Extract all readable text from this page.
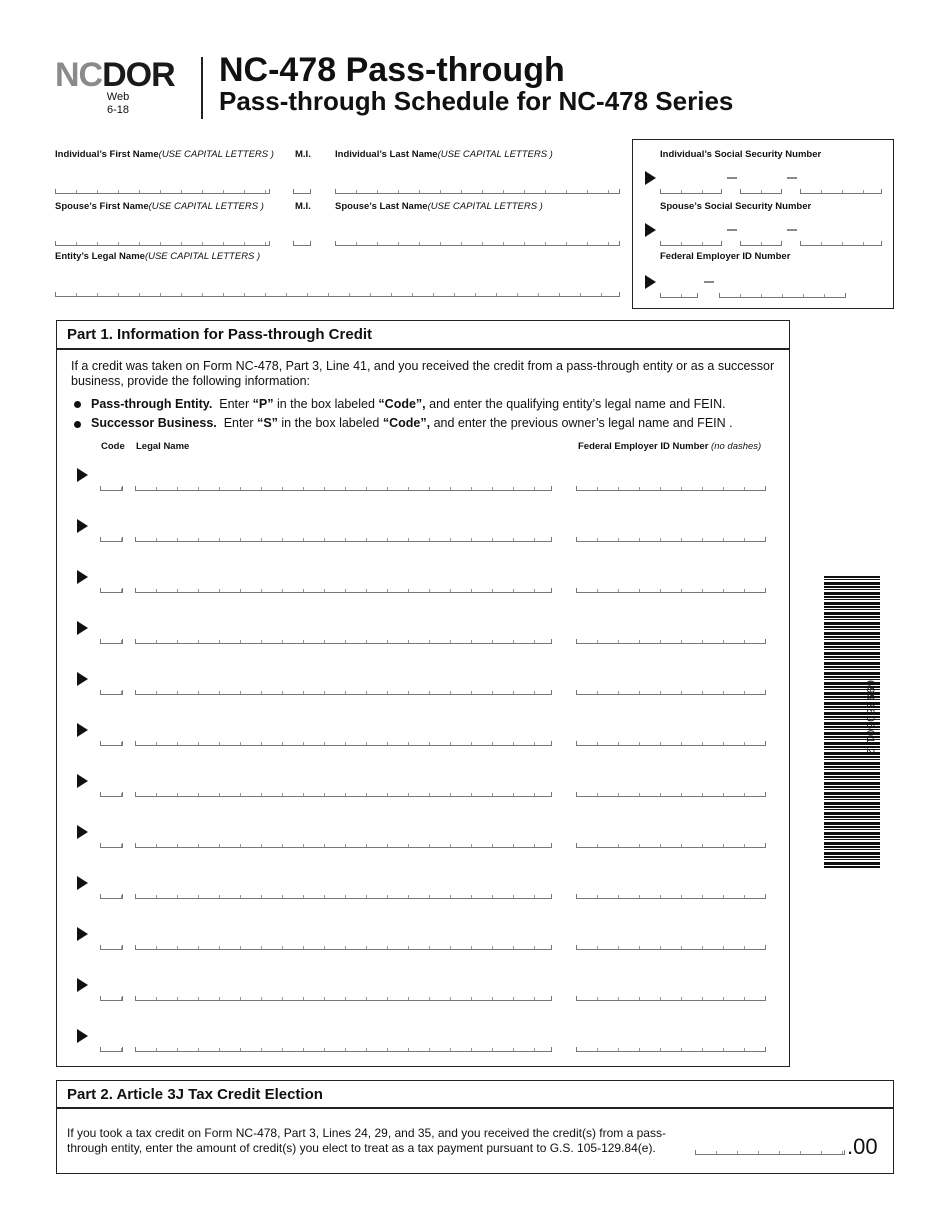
NCDOR
Web
6-18
NC-478 Pass-through
Pass-through Schedule for NC-478 Series
Individual’s First Name(USE CAPITAL LETTERS ) M.I.	Individual’s Last Name(USE CAPITAL LETTERS )
Spouse’s First Name(USE CAPITAL LETTERS )	M.I.	Spouse’s Last Name(USE CAPITAL LETTERS )
Entity’s Legal Name(USE CAPITAL LETTERS )
Individual’s Social Security Number
Spouse’s Social Security Number
Federal Employer ID Number
Part 1. Information for Pass-through Credit
If a credit was taken on Form NC-478, Part 3, Line 41, and you received the credit from a pass-through entity or as a successor business, provide the following information:
Pass-through Entity. Enter “P” in the box labeled “Code”, and enter the qualifying entity’s legal name and FEIN.
Successor Business. Enter “S” in the box labeled “Code”, and enter the previous owner’s legal name and FEIN .
Code Legal Name	Federal Employer ID Number (no dashes)
699280601 2
Part 2. Article 3J Tax Credit Election
If you took a tax credit on Form NC-478, Part 3, Lines 24, 29, and 35, and you received the credit(s) from a pass-through entity, enter the amount of credit(s) you elect to treat as a tax payment pursuant to G.S. 105-129.84(e).	.00
